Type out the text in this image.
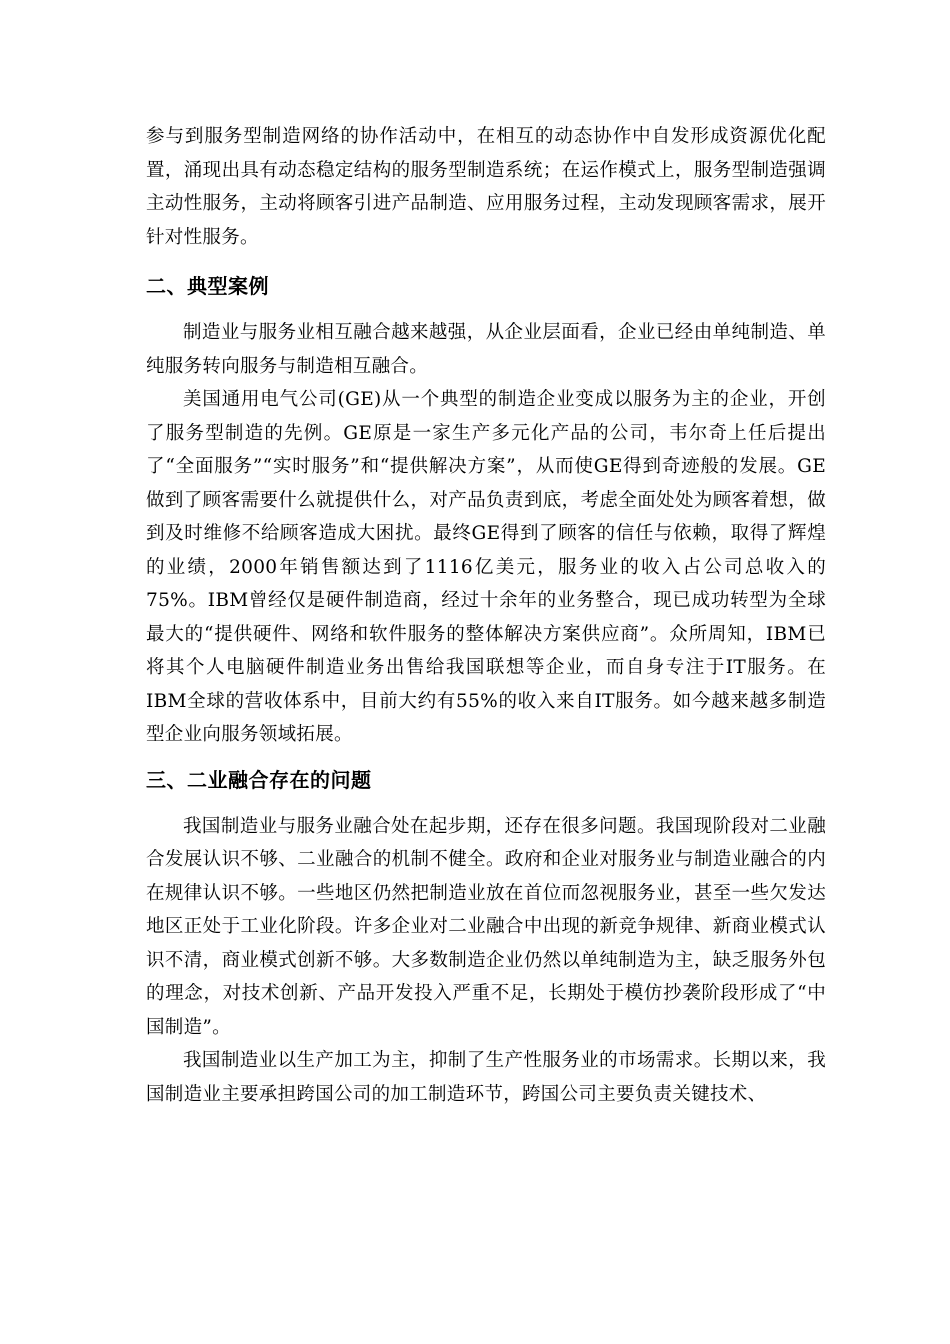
参与到服务型制造网络的协作活动中，在相互的动态协作中自发形成资源优化配置，涌现出具有动态稳定结构的服务型制造系统；在运作模式上，服务型制造强调主动性服务，主动将顾客引进产品制造、应用服务过程，主动发现顾客需求，展开针对性服务。

二、典型案例

制造业与服务业相互融合越来越强，从企业层面看，企业已经由单纯制造、单纯服务转向服务与制造相互融合。

美国通用电气公司(GE)从一个典型的制造企业变成以服务为主的企业，开创了服务型制造的先例。GE原是一家生产多元化产品的公司，韦尔奇上任后提出了“全面服务”“实时服务”和“提供解决方案”，从而使GE得到奇迹般的发展。GE做到了顾客需要什么就提供什么，对产品负责到底，考虑全面处处为顾客着想，做到及时维修不给顾客造成大困扰。最终GE得到了顾客的信任与依赖，取得了辉煌的业绩，2000年销售额达到了1116亿美元，服务业的收入占公司总收入的75%。IBM曾经仅是硬件制造商，经过十余年的业务整合，现已成功转型为全球最大的“提供硬件、网络和软件服务的整体解决方案供应商”。众所周知，IBM已将其个人电脑硬件制造业务出售给我国联想等企业，而自身专注于IT服务。在IBM全球的营收体系中，目前大约有55%的收入来自IT服务。如今越来越多制造型企业向服务领域拓展。

三、二业融合存在的问题

我国制造业与服务业融合处在起步期，还存在很多问题。我国现阶段对二业融合发展认识不够、二业融合的机制不健全。政府和企业对服务业与制造业融合的内在规律认识不够。一些地区仍然把制造业放在首位而忽视服务业，甚至一些欠发达地区正处于工业化阶段。许多企业对二业融合中出现的新竞争规律、新商业模式认识不清，商业模式创新不够。大多数制造企业仍然以单纯制造为主，缺乏服务外包的理念，对技术创新、产品开发投入严重不足，长期处于模仿抄袭阶段形成了“中国制造”。

我国制造业以生产加工为主，抑制了生产性服务业的市场需求。长期以来，我国制造业主要承担跨国公司的加工制造环节，跨国公司主要负责关键技术、
